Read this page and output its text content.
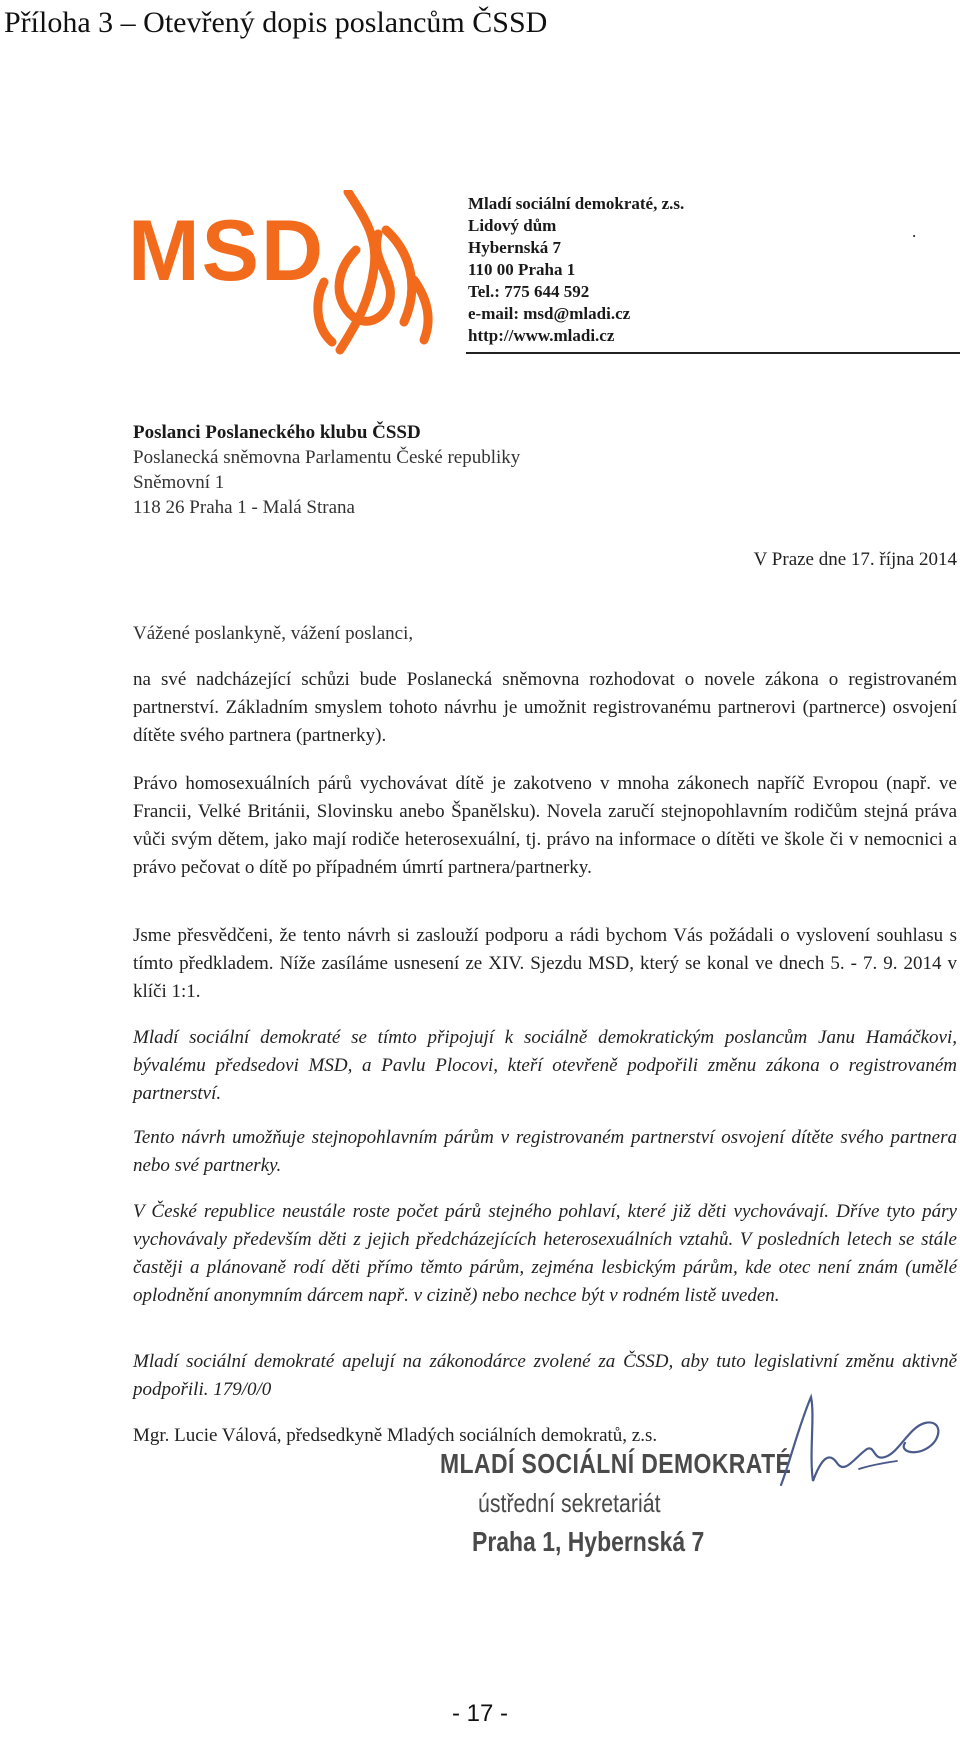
Příloha 3 – Otevřený dopis poslancům ČSSD
MSD	Mladí sociální demokraté, z.s.
Lidový dům
Hybernská 7
110 00 Praha 1
Tel.: 775 644 592
e-mail: msd@mladi.cz
http://www.mladi.cz
.
Poslanci Poslaneckého klubu ČSSD
Poslanecká sněmovna Parlamentu České republiky
Sněmovní 1
118 26 Praha 1 - Malá Strana
V Praze dne 17. října 2014
Vážené poslankyně, vážení poslanci,
na své nadcházející schůzi bude Poslanecká sněmovna rozhodovat o novele zákona o registrovaném partnerství. Základním smyslem tohoto návrhu je umožnit registrovanému partnerovi (partnerce) osvojení dítěte svého partnera (partnerky).
Právo homosexuálních párů vychovávat dítě je zakotveno v mnoha zákonech napříč Evropou (např. ve Francii, Velké Británii, Slovinsku anebo Španělsku). Novela zaručí stejnopohlavním rodičům stejná práva vůči svým dětem, jako mají rodiče heterosexuální, tj. právo na informace o dítěti ve škole či v nemocnici a právo pečovat o dítě po případném úmrtí partnera/partnerky.
Jsme přesvědčeni, že tento návrh si zaslouží podporu a rádi bychom Vás požádali o vyslovení souhlasu s tímto předkladem. Níže zasíláme usnesení ze XIV. Sjezdu MSD, který se konal ve dnech 5. - 7. 9. 2014 v klíči 1:1.
Mladí sociální demokraté se tímto připojují k sociálně demokratickým poslancům Janu Hamáčkovi, bývalému předsedovi MSD, a Pavlu Plocovi, kteří otevřeně podpořili změnu zákona o registrovaném partnerství.
Tento návrh umožňuje stejnopohlavním párům v registrovaném partnerství osvojení dítěte svého partnera nebo své partnerky.
V České republice neustále roste počet párů stejného pohlaví, které již děti vychovávají. Dříve tyto páry vychovávaly především děti z jejich předcházejících heterosexuálních vztahů. V posledních letech se stále častěji a plánovaně rodí děti přímo těmto párům, zejména lesbickým párům, kde otec není znám (umělé oplodnění anonymním dárcem např. v cizině) nebo nechce být v rodném listě uveden.
Mladí sociální demokraté apelují na zákonodárce zvolené za ČSSD, aby tuto legislativní změnu aktivně podpořili. 179/0/0
Mgr. Lucie Válová, předsedkyně Mladých sociálních demokratů, z.s.
MLADÍ SOCIÁLNÍ DEMOKRATÉ
ústřední sekretariát
Praha 1, Hybernská 7
- 17 -
